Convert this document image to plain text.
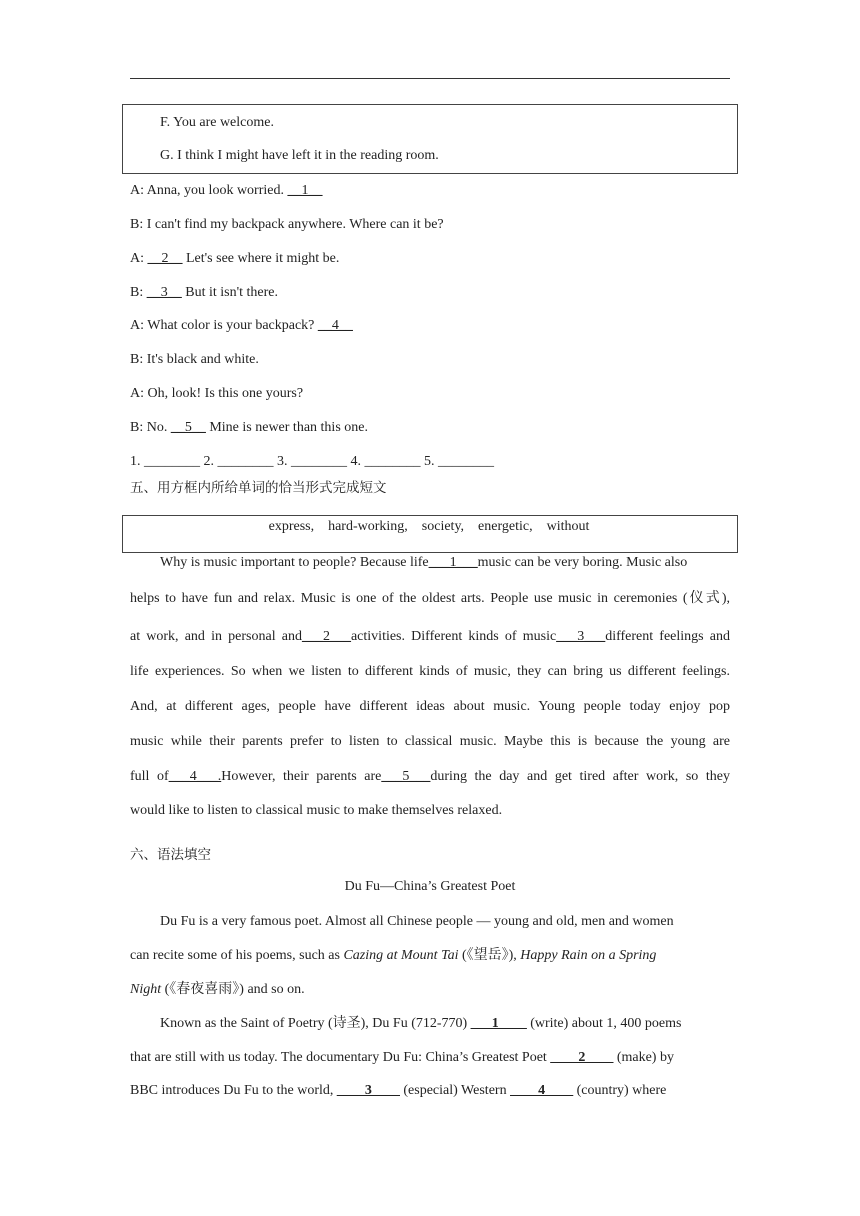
F. You are welcome.
G. I think I might have left it in the reading room.
A: Anna, you look worried. __1__
B: I can't find my backpack anywhere. Where can it be?
A: __2__ Let's see where it might be.
B: __3__ But it isn't there.
A: What color is your backpack? __4__
B: It's black and white.
A: Oh, look! Is this one yours?
B: No. __5__ Mine is newer than this one.
1. ________ 2. ________ 3. ________ 4. ________ 5. ________
五、用方框内所给单词的恰当形式完成短文
express,    hard-working,    society,    energetic,    without
Why is music important to people? Because life___1___music can be very boring. Music also
helps to have fun and relax. Music is one of the oldest arts. People use music in ceremonies (仪式),
at work, and in personal and___2___activities. Different kinds of music___3___different feelings and
life experiences. So when we listen to different kinds of music, they can bring us different feelings.
And, at different ages, people have different ideas about music. Young people today enjoy pop
music while their parents prefer to listen to classical music. Maybe this is because the young are
full of___4___.However, their parents are___5___during the day and get tired after work, so they
would like to listen to classical music to make themselves relaxed.
六、语法填空
Du Fu—China’s Greatest Poet
Du Fu is a very famous poet. Almost all Chinese people — young and old, men and women
can recite some of his poems, such as Cazing at Mount Tai (《望岳》), Happy Rain on a Spring
Night (《春夜喜雨》) and so on.
Known as the Saint of Poetry (诗圣), Du Fu (712-770) ___1____ (write) about 1, 400 poems
that are still with us today. The documentary Du Fu: China’s Greatest Poet ____2____ (make) by
BBC introduces Du Fu to the world, ____3____ (especial) Western ____4____ (country) where
